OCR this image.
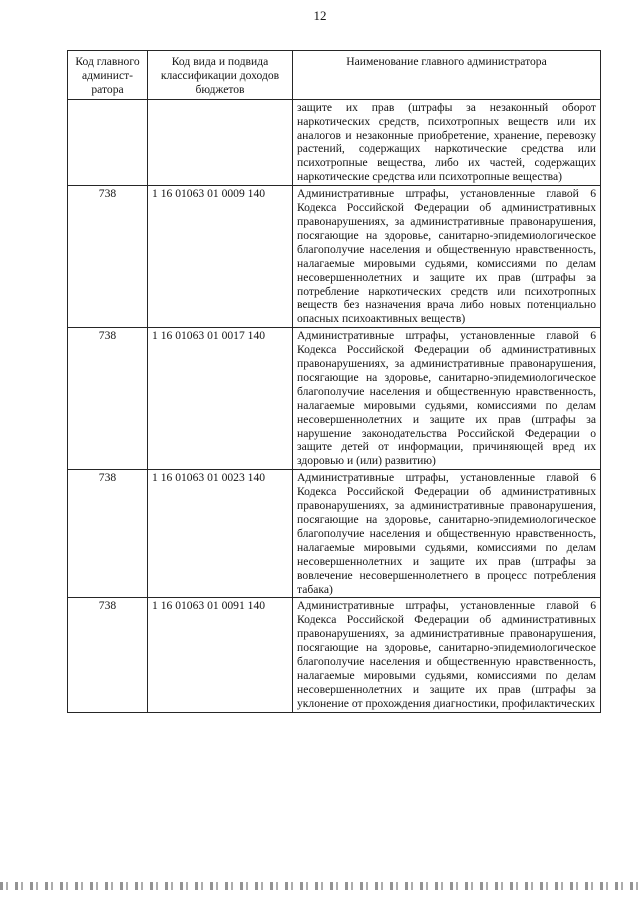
12
Код главного админист-ратора	Код вида и подвида классификации доходов бюджетов	Наименование главного администратора
		защите их прав (штрафы за незаконный оборот наркотических средств, психотропных веществ или их аналогов и незаконные приобретение, хранение, перевозку растений, содержащих наркотические средства или психотропные вещества, либо их частей, содержащих наркотические средства или психотропные вещества)
738	1 16 01063 01 0009 140	Административные штрафы, установленные главой 6 Кодекса Российской Федерации об административных правонарушениях, за административные правонарушения, посягающие на здоровье, санитарно-эпидемиологическое благополучие населения и общественную нравственность, налагаемые мировыми судьями, комиссиями по делам несовершеннолетних и защите их прав (штрафы за потребление наркотических средств или психотропных веществ без назначения врача либо новых потенциально опасных психоактивных веществ)
738	1 16 01063 01 0017 140	Административные штрафы, установленные главой 6 Кодекса Российской Федерации об административных правонарушениях, за административные правонарушения, посягающие на здоровье, санитарно-эпидемиологическое благополучие населения и общественную нравственность, налагаемые мировыми судьями, комиссиями по делам несовершеннолетних и защите их прав (штрафы за нарушение законодательства Российской Федерации о защите детей от информации, причиняющей вред их здоровью и (или) развитию)
738	1 16 01063 01 0023 140	Административные штрафы, установленные главой 6 Кодекса Российской Федерации об административных правонарушениях, за административные правонарушения, посягающие на здоровье, санитарно-эпидемиологическое благополучие населения и общественную нравственность, налагаемые мировыми судьями, комиссиями по делам несовершеннолетних и защите их прав (штрафы за вовлечение несовершеннолетнего в процесс потребления табака)
738	1 16 01063 01 0091 140	Административные штрафы, установленные главой 6 Кодекса Российской Федерации об административных правонарушениях, за административные правонарушения, посягающие на здоровье, санитарно-эпидемиологическое благополучие населения и общественную нравственность, налагаемые мировыми судьями, комиссиями по делам несовершеннолетних и защите их прав (штрафы за уклонение от прохождения диагностики, профилактических
